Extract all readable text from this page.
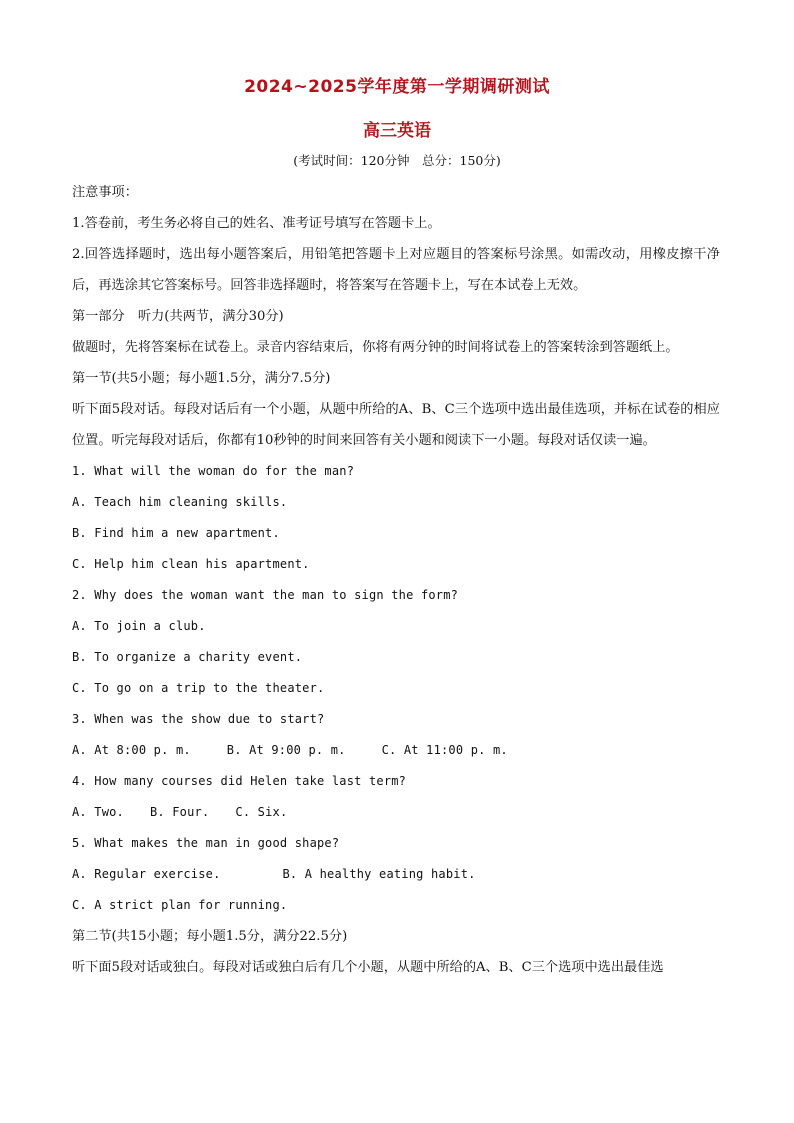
2024~2025学年度第一学期调研测试
高三英语

(考试时间：120分钟　总分：150分)

注意事项：

1.答卷前，考生务必将自己的姓名、准考证号填写在答题卡上。

2.回答选择题时，选出每小题答案后，用铅笔把答题卡上对应题目的答案标号涂黑。如需改动，用橡皮擦干净后，再选涂其它答案标号。回答非选择题时，将答案写在答题卡上，写在本试卷上无效。

第一部分　听力(共两节，满分30分)

做题时，先将答案标在试卷上。录音内容结束后，你将有两分钟的时间将试卷上的答案转涂到答题纸上。

第一节(共5小题；每小题1.5分，满分7.5分)

听下面5段对话。每段对话后有一个小题，从题中所给的A、B、C三个选项中选出最佳选项，并标在试卷的相应位置。听完每段对话后，你都有10秒钟的时间来回答有关小题和阅读下一小题。每段对话仅读一遍。

1. What will the woman do for the man?

A. Teach him cleaning skills.

B. Find him a new apartment.

C. Help him clean his apartment.

2. Why does the woman want the man to sign the form?

A. To join a club.

B. To organize a charity event.

C. To go on a trip to the theater.

3. When was the show due to start?

A. At 8:00 p. m.	B. At 9:00 p. m.	C. At 11:00 p. m.

4. How many courses did Helen take last term?

A. Two. B. Four. C. Six.

5. What makes the man in good shape?

A. Regular exercise.	B. A healthy eating habit.

C. A strict plan for running.

第二节(共15小题；每小题1.5分，满分22.5分)

听下面5段对话或独白。每段对话或独白后有几个小题，从题中所给的A、B、C三个选项中选出最佳选
